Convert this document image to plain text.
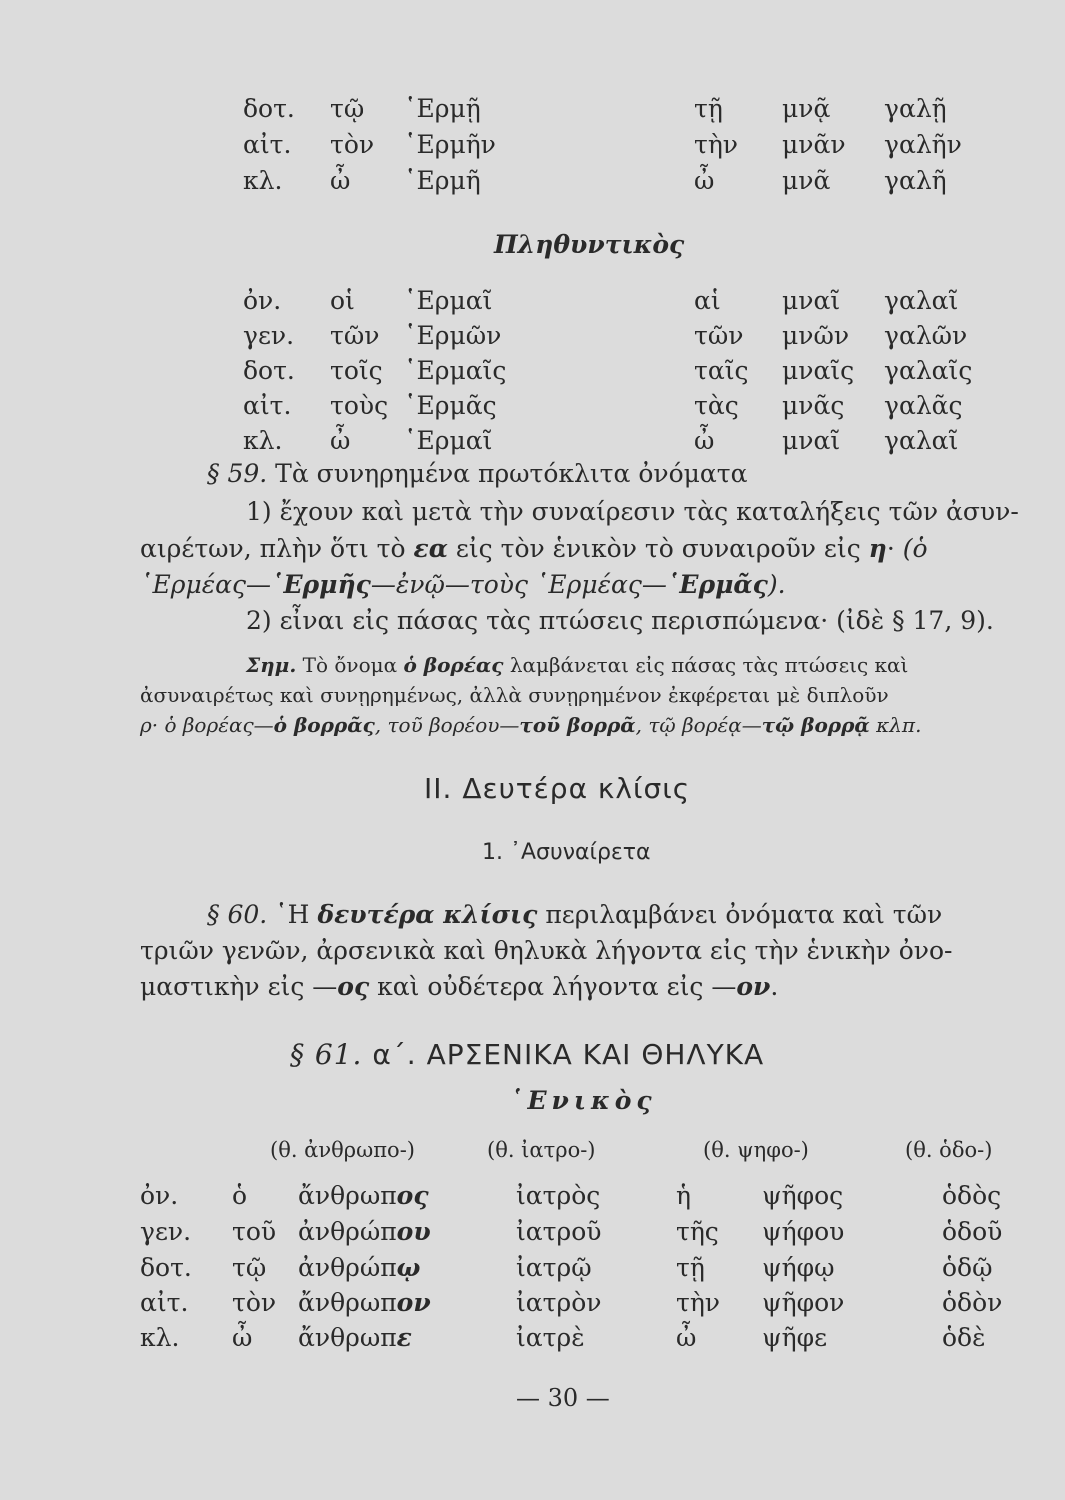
δοτ. τῷ ῾Ερμῇ	τῇ μνᾷ γαλῇ
αἰτ. τὸν ῾Ερμῆν	τὴν μνᾶν γαλῆν
κλ. ὦ ῾Ερμῆ	ὦ	μνᾶ γαλῆ
Πληθυντικὸς
ὀν. οἱ ῾Ερμαῖ	αἱ μναῖ γαλαῖ
γεν. τῶν ῾Ερμῶν	τῶν μνῶν γαλῶν
δοτ. τοῖς ῾Ερμαῖς	ταῖς μναῖς γαλαῖς
αἰτ. τοὺς ῾Ερμᾶς	τὰς μνᾶς γαλᾶς
κλ. ὦ ῾Ερμαῖ	ὦ	μναῖ γαλαῖ
§ 59. Τὰ συνηρημένα πρωτόκλιτα ὀνόματα
1) ἔχουν καὶ μετὰ τὴν συναίρεσιν τὰς καταλήξεις τῶν ἀσυν-
αιρέτων, πλὴν ὅτι τὸ εα εἰς τὸν ἑνικὸν τὸ συναιροῦν εἰς η· (ὁ
῾Ερμέας—῾Ερμῆς—ἐνῷ—τοὺς ῾Ερμέας—῾Ερμᾶς).
2) εἶναι εἰς πάσας τὰς πτώσεις περισπώμενα· (ἰδὲ § 17, 9).
Σημ. Τὸ ὄνομα ὁ βορέας λαμβάνεται εἰς πάσας τὰς πτώσεις καὶ
ἀσυναιρέτως καὶ συνῃρημένως, ἀλλὰ συνῃρημένον ἐκφέρεται μὲ διπλοῦν
ρ· ὁ βορέας—ὁ βορρᾶς, τοῦ βορέου—τοῦ βορρᾶ, τῷ βορέᾳ—τῷ βορρᾷ κλπ.
ΙΙ. Δευτέρα κλίσις
1. ᾿Ασυναίρετα
§ 60. ῾Η δευτέρα κλίσις περιλαμβάνει ὀνόματα καὶ τῶν
τριῶν γενῶν, ἀρσενικὰ καὶ θηλυκὰ λήγοντα εἰς τὴν ἑνικὴν ὀνο-
μαστικὴν εἰς —ος καὶ οὐδέτερα λήγοντα εἰς —ον.
§ 61. α΄. ΑΡΣΕΝΙΚΑ ΚΑΙ ΘΗΛΥΚΑ
῾Ενικὸς
(θ. ἀνθρωπο-)	(θ. ἰατρο-)	(θ. ψηφο-)	(θ. ὁδο-)
ὀν. ὁ ἄνθρωπος	ἰατρὸς	ἡ	ψῆφος	ὁδὸς
γεν. τοῦ ἀνθρώπου	ἰατροῦ	τῆς ψήφου	ὁδοῦ
δοτ. τῷ ἀνθρώπῳ	ἰατρῷ	τῇ ψήφῳ	ὁδῷ
αἰτ. τὸν ἄνθρωπον	ἰατρὸν	τὴν ψῆφον	ὁδὸν
κλ. ὦ ἄνθρωπε	ἰατρὲ	ὦ	ψῆφε	ὁδὲ
— 30 —
